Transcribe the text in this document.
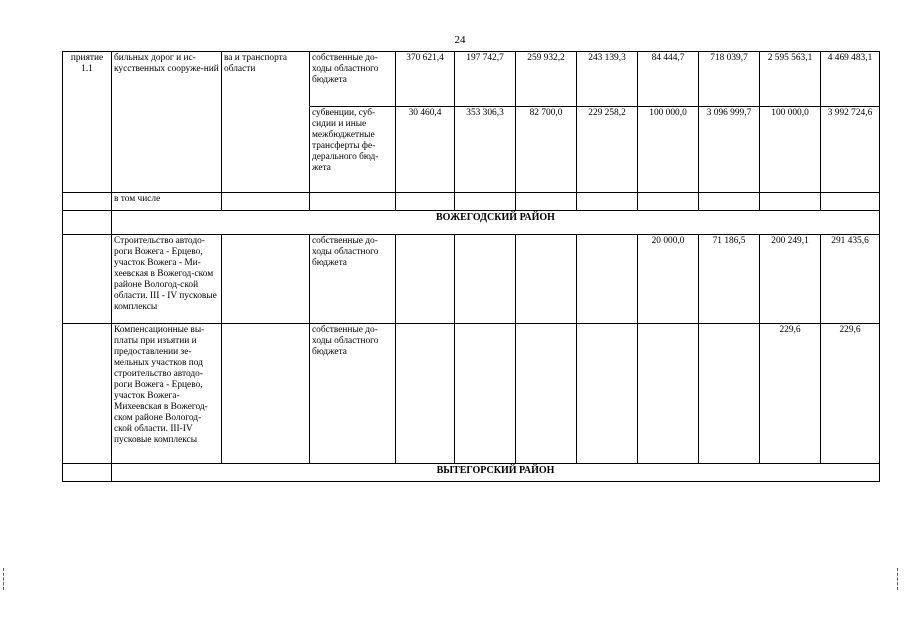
24
приятие 1.1	бильных дорог и ис-кусственных сооруже-ний	ва и транспорта области	собственные до-ходы областного бюджета	370 621,4	197 742,7	259 932,2	243 139,3	84 444,7	718 039,7	2 595 563,1	4 469 483,1
			субвенции, суб-сидии и иные межбюджетные трансферты фе-дерального бюд-жета	30 460,4	353 306,3	82 700,0	229 258,2	100 000,0	3 096 999,7	100 000,0	3 992 724,6
	в том числе										
	ВОЖЕГОДСКИЙ РАЙОН										
	Строительство автодо-роги Вожега - Ерцево, участок Вожега - Ми-хеевская в Вожегод-ском районе Вологод-ской области. III - IV пусковые комплексы		собственные до-ходы областного бюджета					20 000,0	71 186,5	200 249,1	291 435,6
	Компенсационные вы-платы при изъятии и предоставлении зе-мельных участков под строительство автодо-роги Вожега - Ерцево, участок Вожега-Михеевская в Вожегод-ском районе Вологод-ской области. III-IV пусковые комплексы		собственные до-ходы областного бюджета							229,6	229,6
	ВЫТЕГОРСКИЙ РАЙОН										
